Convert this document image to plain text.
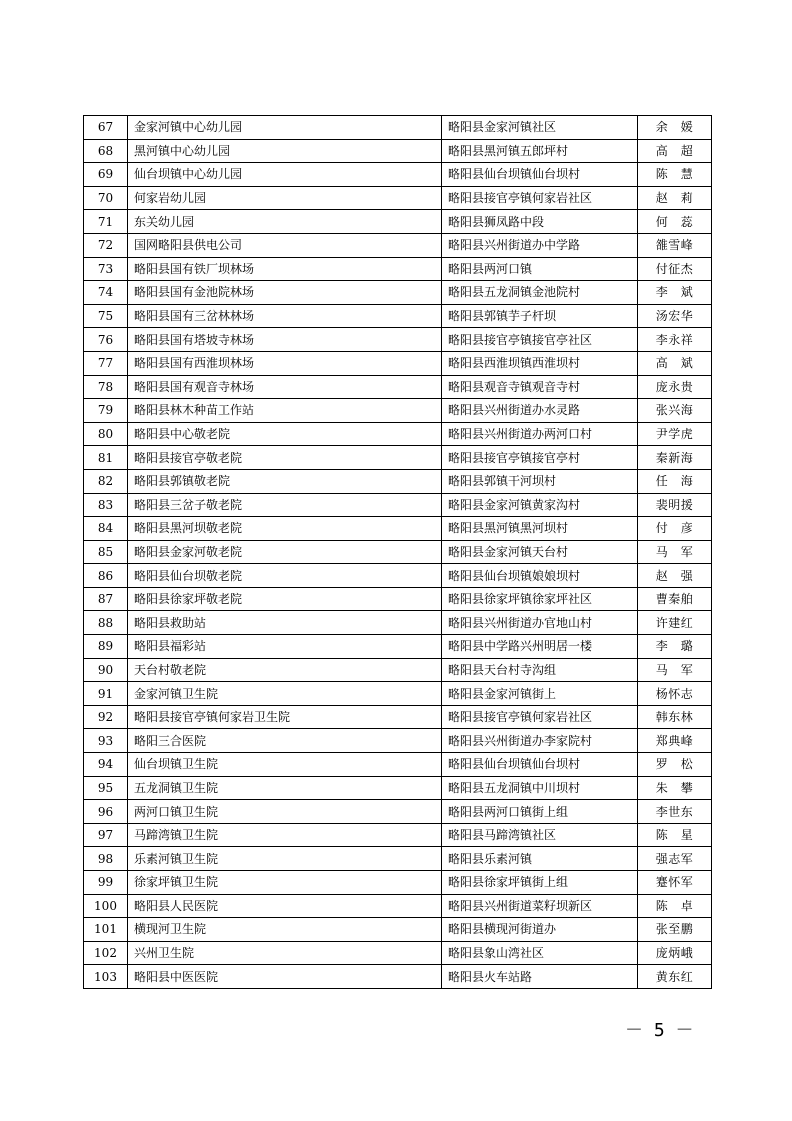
67	金家河镇中心幼儿园	略阳县金家河镇社区	余　媛
68	黑河镇中心幼儿园	略阳县黑河镇五郎坪村	高　超
69	仙台坝镇中心幼儿园	略阳县仙台坝镇仙台坝村	陈　慧
70	何家岩幼儿园	略阳县接官亭镇何家岩社区	赵　莉
71	东关幼儿园	略阳县狮凤路中段	何　蕊
72	国网略阳县供电公司	略阳县兴州街道办中学路	雒雪峰
73	略阳县国有铁厂坝林场	略阳县两河口镇	付征杰
74	略阳县国有金池院林场	略阳县五龙洞镇金池院村	李　斌
75	略阳县国有三岔林林场	略阳县郭镇芋子杆坝	汤宏华
76	略阳县国有塔坡寺林场	略阳县接官亭镇接官亭社区	李永祥
77	略阳县国有西淮坝林场	略阳县西淮坝镇西淮坝村	高　斌
78	略阳县国有观音寺林场	略阳县观音寺镇观音寺村	庞永贵
79	略阳县林木种苗工作站	略阳县兴州街道办水灵路	张兴海
80	略阳县中心敬老院	略阳县兴州街道办两河口村	尹学虎
81	略阳县接官亭敬老院	略阳县接官亭镇接官亭村	秦新海
82	略阳县郭镇敬老院	略阳县郭镇干河坝村	任　海
83	略阳县三岔子敬老院	略阳县金家河镇黄家沟村	裴明援
84	略阳县黑河坝敬老院	略阳县黑河镇黑河坝村	付　彦
85	略阳县金家河敬老院	略阳县金家河镇天台村	马　军
86	略阳县仙台坝敬老院	略阳县仙台坝镇娘娘坝村	赵　强
87	略阳县徐家坪敬老院	略阳县徐家坪镇徐家坪社区	曹秦舶
88	略阳县救助站	略阳县兴州街道办官地山村	许建红
89	略阳县福彩站	略阳县中学路兴州明居一楼	李　璐
90	天台村敬老院	略阳县天台村寺沟组	马　军
91	金家河镇卫生院	略阳县金家河镇街上	杨怀志
92	略阳县接官亭镇何家岩卫生院	略阳县接官亭镇何家岩社区	韩东林
93	略阳三合医院	略阳县兴州街道办李家院村	郑典峰
94	仙台坝镇卫生院	略阳县仙台坝镇仙台坝村	罗　松
95	五龙洞镇卫生院	略阳县五龙洞镇中川坝村	朱　攀
96	两河口镇卫生院	略阳县两河口镇街上组	李世东
97	马蹄湾镇卫生院	略阳县马蹄湾镇社区	陈　星
98	乐素河镇卫生院	略阳县乐素河镇	强志军
99	徐家坪镇卫生院	略阳县徐家坪镇街上组	蹇怀军
100	略阳县人民医院	略阳县兴州街道菜籽坝新区	陈　卓
101	横现河卫生院	略阳县横现河街道办	张至鹏
102	兴州卫生院	略阳县象山湾社区	庞炳峨
103	略阳县中医医院	略阳县火车站路	黄东红
－ 5 －
